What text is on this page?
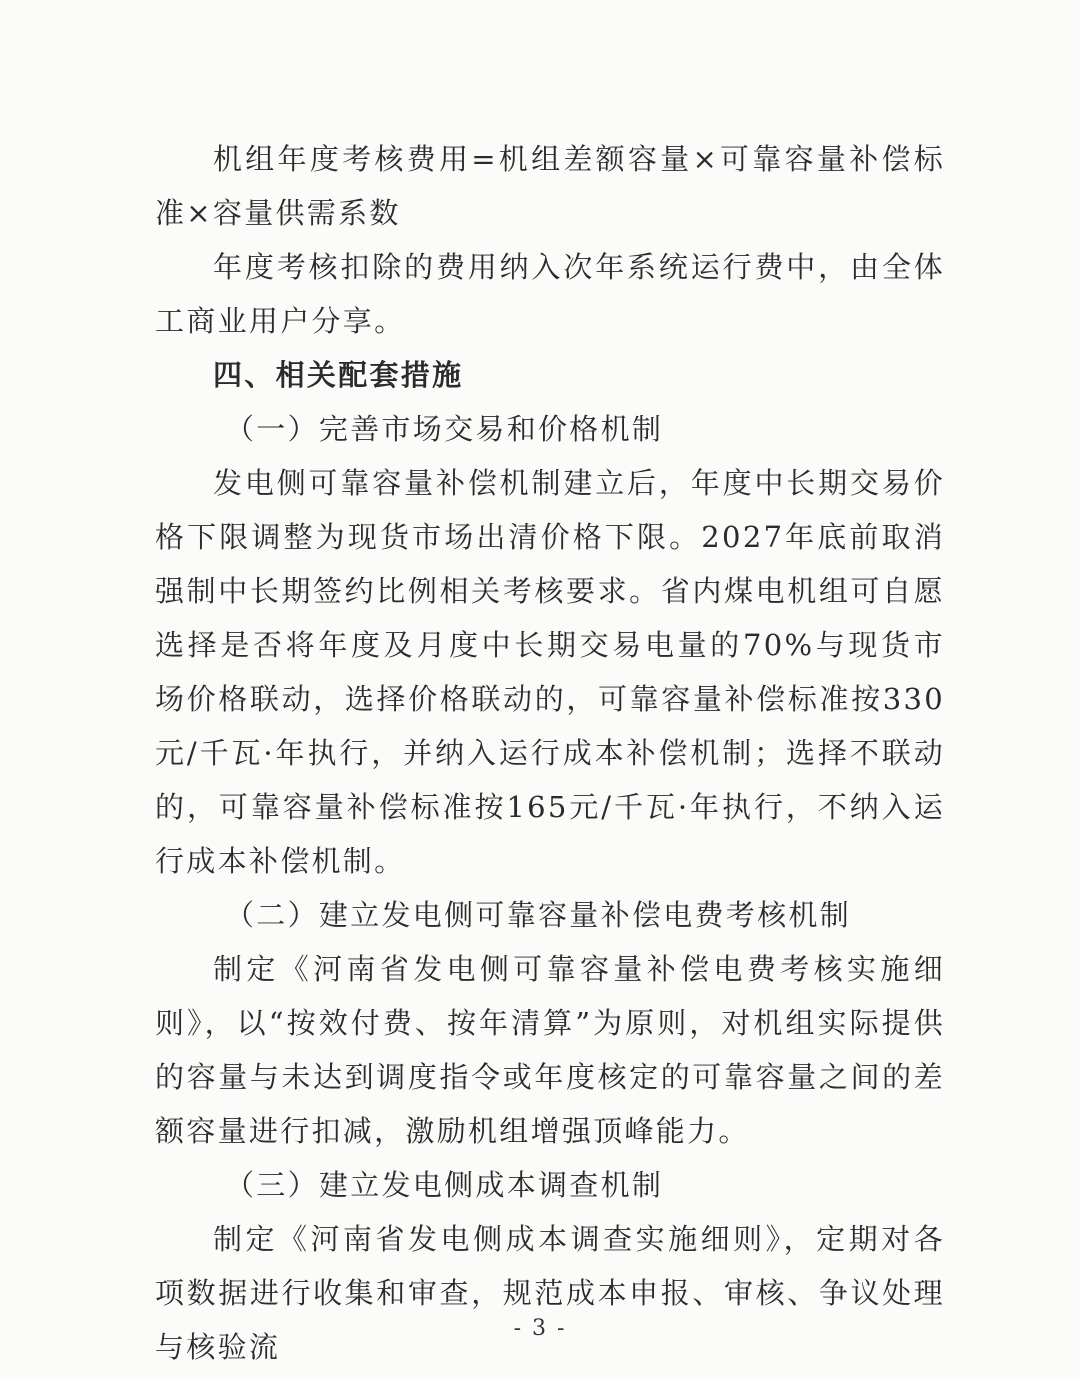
机组年度考核费用=机组差额容量×可靠容量补偿标准×容量供需系数

年度考核扣除的费用纳入次年系统运行费中，由全体工商业用户分享。

四、相关配套措施

（一）完善市场交易和价格机制

发电侧可靠容量补偿机制建立后，年度中长期交易价格下限调整为现货市场出清价格下限。2027年底前取消强制中长期签约比例相关考核要求。省内煤电机组可自愿选择是否将年度及月度中长期交易电量的70%与现货市场价格联动，选择价格联动的，可靠容量补偿标准按330元/千瓦·年执行，并纳入运行成本补偿机制；选择不联动的，可靠容量补偿标准按165元/千瓦·年执行，不纳入运行成本补偿机制。

（二）建立发电侧可靠容量补偿电费考核机制

制定《河南省发电侧可靠容量补偿电费考核实施细则》，以“按效付费、按年清算”为原则，对机组实际提供的容量与未达到调度指令或年度核定的可靠容量之间的差额容量进行扣减，激励机组增强顶峰能力。

（三）建立发电侧成本调查机制

制定《河南省发电侧成本调查实施细则》，定期对各项数据进行收集和审查，规范成本申报、审核、争议处理与核验流

- 3 -
